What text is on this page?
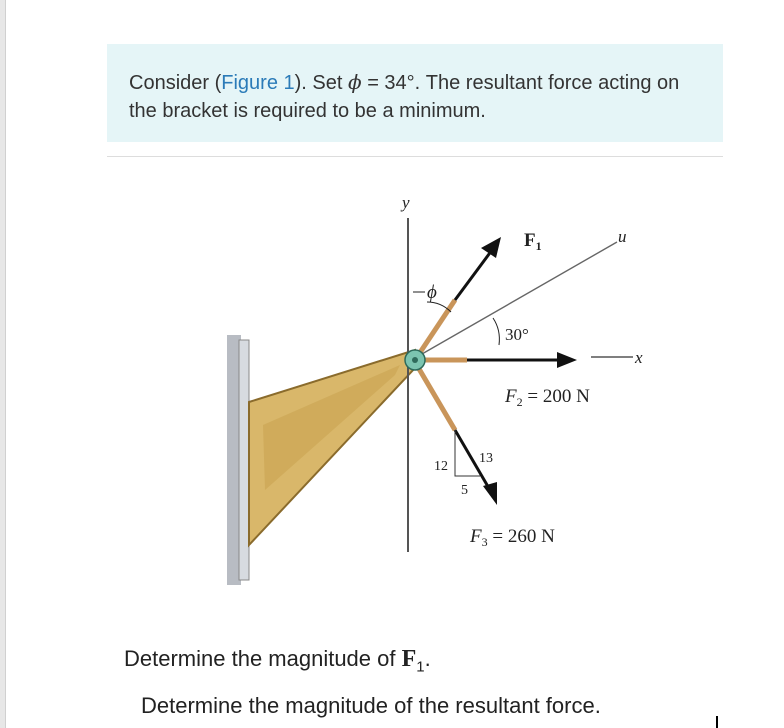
Consider (Figure 1). Set ϕ = 34°. The resultant force acting on the bracket is required to be a minimum.
y
u
x
$F_1$
ϕ
30°
$F_2 = 200$ N
$F_3 = 260$ N
12
13
5
Determine the magnitude of $F_1$.
Determine the magnitude of the resultant force.
